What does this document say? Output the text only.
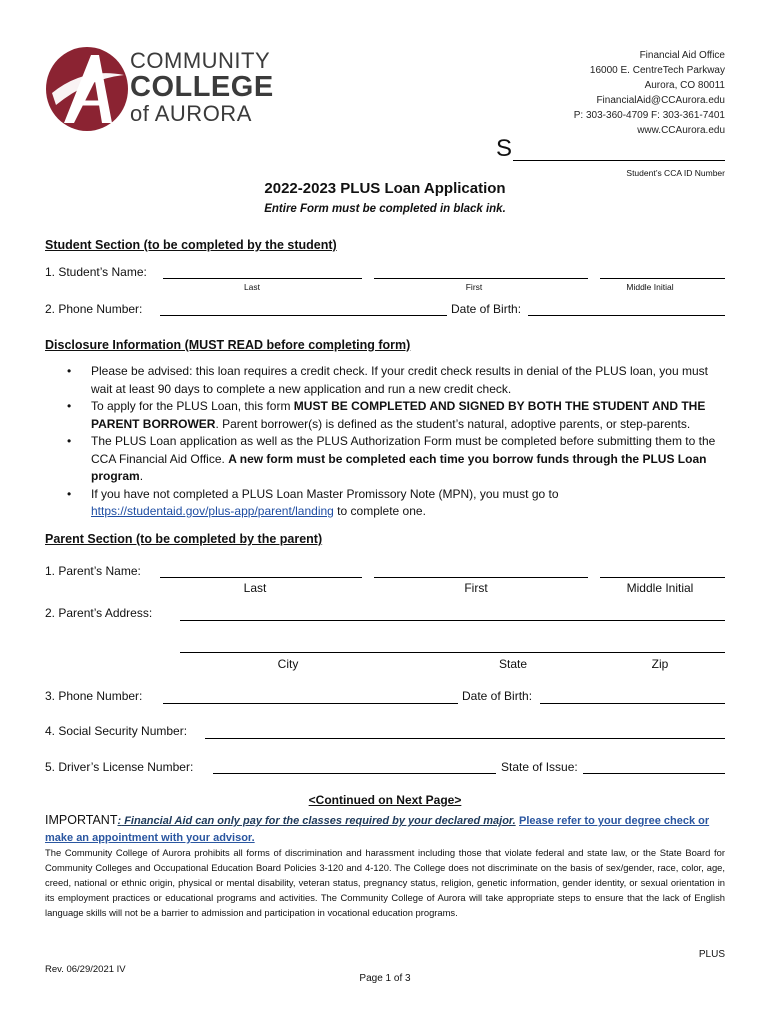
COMMUNITY
COLLEGE
of AURORA
Financial Aid Office
16000 E. CentreTech Parkway
Aurora, CO 80011
FinancialAid@CCAurora.edu
P: 303-360-4709 F: 303-361-7401
www.CCAurora.edu
S
Student’s CCA ID Number
2022-2023 PLUS Loan Application
Entire Form must be completed in black ink.
Student Section (to be completed by the student)
1. Student’s Name:
Last	First	Middle Initial
2. Phone Number:	Date of Birth:
Disclosure Information (MUST READ before completing form)
• Please be advised: this loan requires a credit check. If your credit check results in denial of the PLUS loan, you must wait at least 90 days to complete a new application and run a new credit check.
• To apply for the PLUS Loan, this form MUST BE COMPLETED AND SIGNED BY BOTH THE STUDENT AND THE PARENT BORROWER. Parent borrower(s) is defined as the student’s natural, adoptive parents, or step-parents.
• The PLUS Loan application as well as the PLUS Authorization Form must be completed before submitting them to the CCA Financial Aid Office. A new form must be completed each time you borrow funds through the PLUS Loan program.
• If you have not completed a PLUS Loan Master Promissory Note (MPN), you must go to
https://studentaid.gov/plus-app/parent/landing to complete one.
Parent Section (to be completed by the parent)
1. Parent’s Name:
Last	First	Middle Initial
2. Parent’s Address:
City	State	Zip
3. Phone Number:	Date of Birth:
4. Social Security Number:
5. Driver’s License Number:	State of Issue:
<Continued on Next Page>
IMPORTANT: Financial Aid can only pay for the classes required by your declared major. Please refer to your degree check or make an appointment with your advisor.
The Community College of Aurora prohibits all forms of discrimination and harassment including those that violate federal and state law, or the State Board for Community Colleges and Occupational Education Board Policies 3-120 and 4-120. The College does not discriminate on the basis of sex/gender, race, color, age, creed, national or ethnic origin, physical or mental disability, veteran status, pregnancy status, religion, genetic information, gender identity, or sexual orientation in its employment practices or educational programs and activities. The Community College of Aurora will take appropriate steps to ensure that the lack of English language skills will not be a barrier to admission and participation in vocational education programs.
PLUS
Rev. 06/29/2021 IV
Page 1 of 3
